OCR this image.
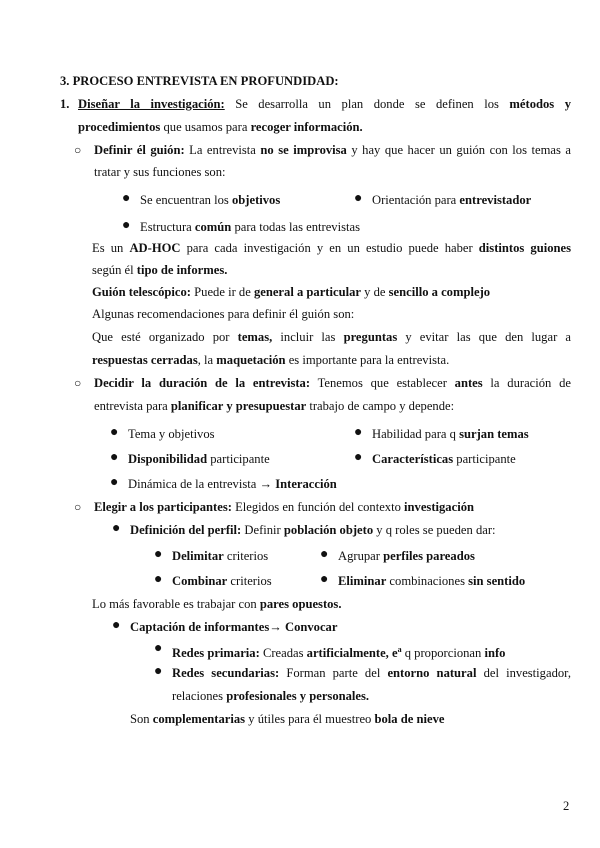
3. PROCESO ENTREVISTA EN PROFUNDIDAD:
1. Diseñar la investigación: Se desarrolla un plan donde se definen los métodos y
procedimientos que usamos para recoger información.
○ Definir él guión: La entrevista no se improvisa y hay que hacer un guión con los temas a
tratar y sus funciones son:
● Se encuentran los objetivos	● Orientación para entrevistador
● Estructura común para todas las entrevistas
Es un AD-HOC para cada investigación y en un estudio puede haber distintos guiones
según él tipo de informes.
Guión telescópico: Puede ir de general a particular y de sencillo a complejo
Algunas recomendaciones para definir él guión son:
Que esté organizado por temas, incluir las preguntas y evitar las que den lugar a
respuestas cerradas, la maquetación es importante para la entrevista.
○ Decidir la duración de la entrevista: Tenemos que establecer antes la duración de
entrevista para planificar y presupuestar trabajo de campo y depende:
● Tema y objetivos	● Habilidad para q surjan temas
● Disponibilidad participante	● Características participante
● Dinámica de la entrevista → Interacción
○ Elegir a los participantes: Elegidos en función del contexto investigación
● Definición del perfil: Definir población objeto y q roles se pueden dar:
● Delimitar criterios	● Agrupar perfiles pareados
● Combinar criterios	● Eliminar combinaciones sin sentido
Lo más favorable es trabajar con pares opuestos.
● Captación de informantes→ Convocar
● Redes primaria: Creadas artificialmente, $e^a$ q proporcionan info
● Redes secundarias: Forman parte del entorno natural del investigador,
relaciones profesionales y personales.
Son complementarias y útiles para él muestreo bola de nieve
2
